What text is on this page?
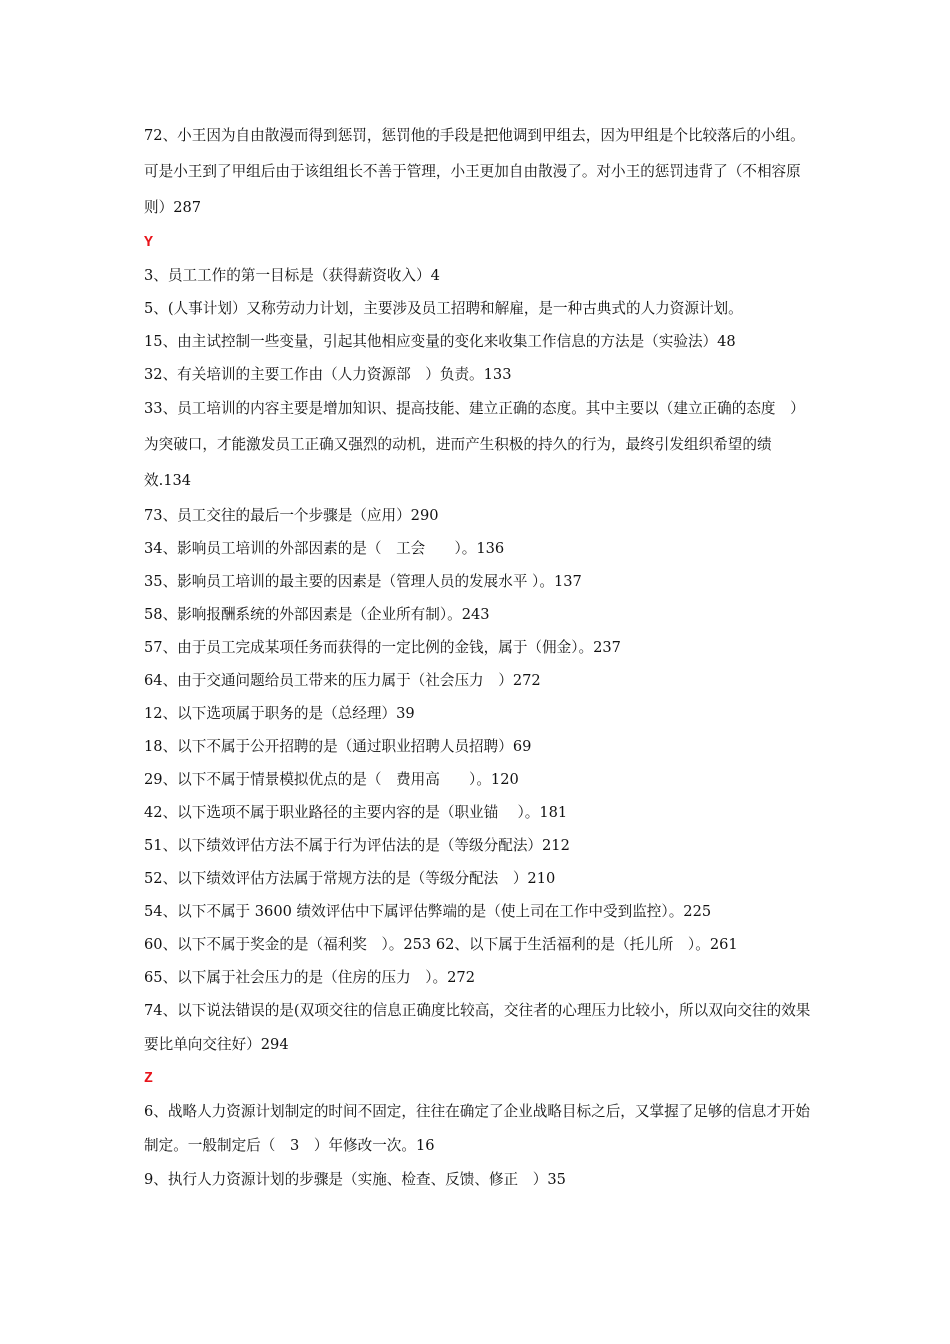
72、小王因为自由散漫而得到惩罚，惩罚他的手段是把他调到甲组去，因为甲组是个比较落后的小组。可是小王到了甲组后由于该组组长不善于管理，小王更加自由散漫了。对小王的惩罚违背了（不相容原则）287
Y
3、员工工作的第一目标是（获得薪资收入）4
5、(人事计划）又称劳动力计划，主要涉及员工招聘和解雇，是一种古典式的人力资源计划。
15、由主试控制一些变量，引起其他相应变量的变化来收集工作信息的方法是（实验法）48
32、有关培训的主要工作由（人力资源部　）负责。133
33、员工培训的内容主要是增加知识、提高技能、建立正确的态度。其中主要以（建立正确的态度　）为突破口，才能激发员工正确又强烈的动机，进而产生积极的持久的行为，最终引发组织希望的绩效.134
73、员工交往的最后一个步骤是（应用）290
34、影响员工培训的外部因素的是（　工会　　）。136
35、影响员工培训的最主要的因素是（管理人员的发展水平 ）。137
58、影响报酬系统的外部因素是（企业所有制）。243
57、由于员工完成某项任务而获得的一定比例的金钱，属于（佣金）。237
64、由于交通问题给员工带来的压力属于（社会压力　）272
12、以下选项属于职务的是（总经理）39
18、以下不属于公开招聘的是（通过职业招聘人员招聘）69
29、以下不属于情景模拟优点的是（　费用高　　）。120
42、以下选项不属于职业路径的主要内容的是（职业锚　 ）。181
51、以下绩效评估方法不属于行为评估法的是（等级分配法）212
52、以下绩效评估方法属于常规方法的是（等级分配法　）210
54、以下不属于 3600 绩效评估中下属评估弊端的是（使上司在工作中受到监控）。225
60、以下不属于奖金的是（福利奖　）。253 62、以下属于生活福利的是（托儿所　）。261
65、以下属于社会压力的是（住房的压力　）。272
74、以下说法错误的是(双项交往的信息正确度比较高，交往者的心理压力比较小，所以双向交往的效果要比单向交往好）294
Z
6、战略人力资源计划制定的时间不固定，往往在确定了企业战略目标之后，又掌握了足够的信息才开始制定。一般制定后（　3　）年修改一次。16
9、执行人力资源计划的步骤是（实施、检查、反馈、修正　）35
